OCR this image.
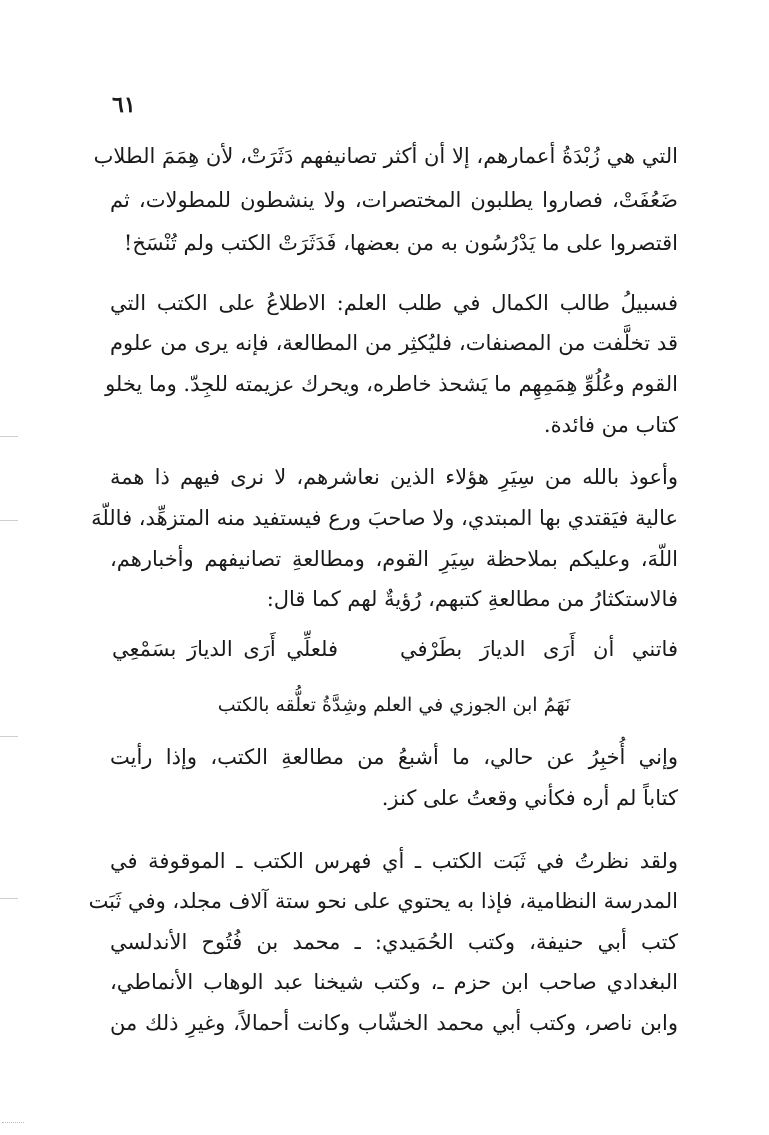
٦١
التي هي زُبْدَةُ أعمارهم، إلا أن أكثر تصانيفهم دَثَرَتْ، لأن هِمَمَ الطلاب
ضَعُفَتْ، فصاروا يطلبون المختصرات، ولا ينشطون للمطولات، ثم
اقتصروا على ما يَدْرُسُون به من بعضها، فَدَثَرَتْ الكتب ولم تُنْسَخ!
فسبيلُ طالب الكمال في طلب العلم: الاطلاعُ على الكتب التي
قد تخلَّفت من المصنفات، فليُكثِر من المطالعة، فإنه يرى من علوم
القوم وعُلُوِّ هِمَمِهِم ما يَشحذ خاطره، ويحرك عزيمته للجِدّ. وما يخلو
كتاب من فائدة.
وأعوذ بالله من سِيَرِ هؤلاء الذين نعاشرهم، لا نرى فيهم ذا همة
عالية فيَقتدي بها المبتدي، ولا صاحبَ ورع فيستفيد منه المتزهِّد، فاللّهَ
اللّهَ، وعليكم بملاحظة سِيَرِ القوم، ومطالعةِ تصانيفهم وأخبارهم،
فالاستكثارُ من مطالعةِ كتبهم، رُؤيةٌ لهم كما قال:
فاتني أن أَرَى الديارَ بطَرْفي
فلعلِّي أَرَى الديارَ بسَمْعِي
نَهَمُ ابن الجوزي في العلم وشِدَّةُ تعلُّقه بالكتب
وإني أُخبِرُ عن حالي، ما أشبعُ من مطالعةِ الكتب، وإذا رأيت
كتاباً لم أره فكأني وقعتُ على كنز.
ولقد نظرتُ في ثَبَت الكتب ـ أي فهرس الكتب ـ الموقوفة في
المدرسة النظامية، فإذا به يحتوي على نحو ستة آلاف مجلد، وفي ثَبَت
كتب أبي حنيفة، وكتب الحُمَيدي: ـ محمد بن فُتُوح الأندلسي
البغدادي صاحب ابن حزم ـ، وكتب شيخنا عبد الوهاب الأنماطي،
وابن ناصر، وكتب أبي محمد الخشّاب وكانت أحمالاً، وغيرِ ذلك من
